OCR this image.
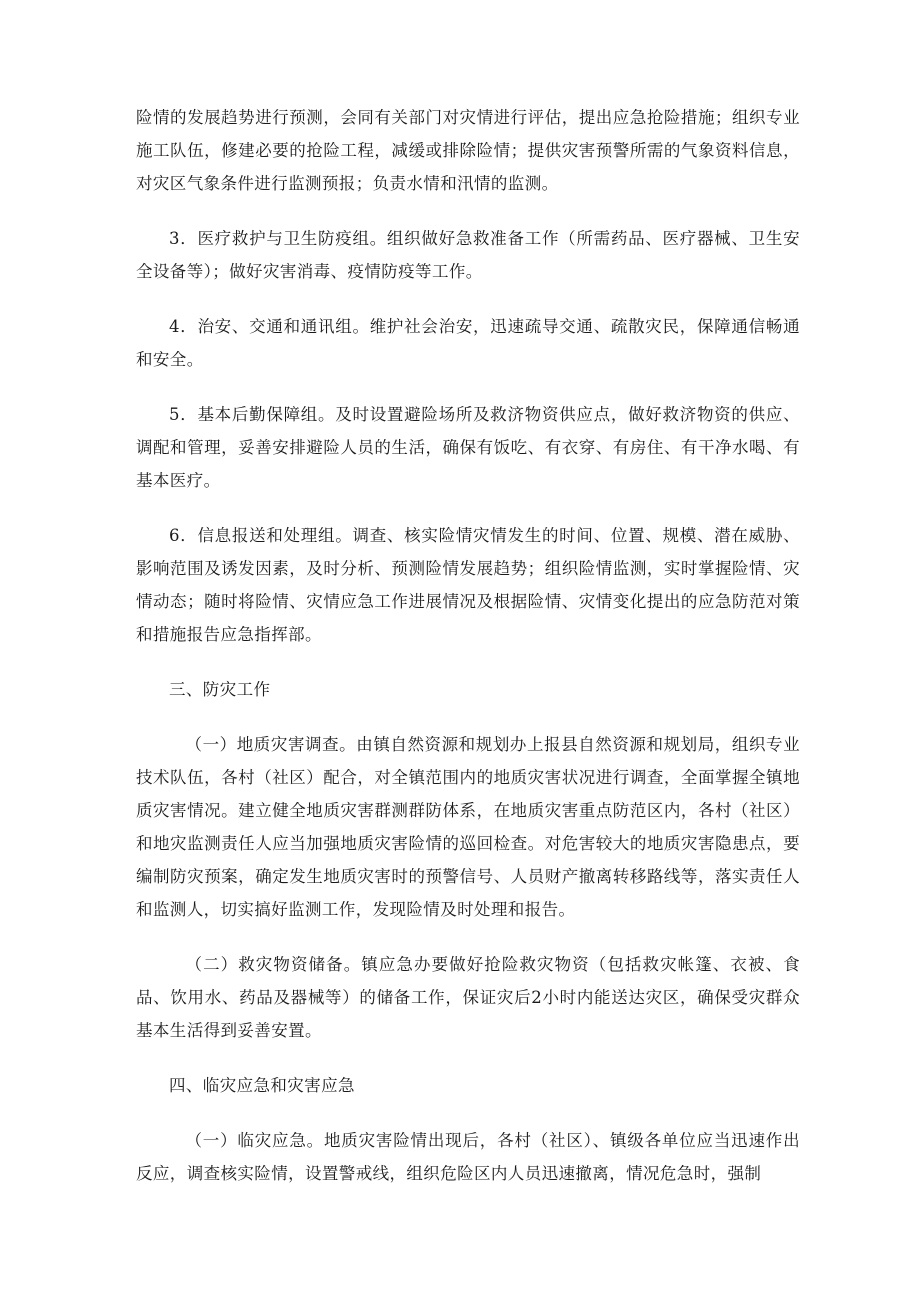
险情的发展趋势进行预测，会同有关部门对灾情进行评估，提出应急抢险措施；组织专业施工队伍，修建必要的抢险工程，减缓或排除险情；提供灾害预警所需的气象资料信息，对灾区气象条件进行监测预报；负责水情和汛情的监测。

3．医疗救护与卫生防疫组。组织做好急救准备工作（所需药品、医疗器械、卫生安全设备等）；做好灾害消毒、疫情防疫等工作。

4．治安、交通和通讯组。维护社会治安，迅速疏导交通、疏散灾民，保障通信畅通和安全。

5．基本后勤保障组。及时设置避险场所及救济物资供应点，做好救济物资的供应、调配和管理，妥善安排避险人员的生活，确保有饭吃、有衣穿、有房住、有干净水喝、有基本医疗。

6．信息报送和处理组。调查、核实险情灾情发生的时间、位置、规模、潜在威胁、影响范围及诱发因素，及时分析、预测险情发展趋势；组织险情监测，实时掌握险情、灾情动态；随时将险情、灾情应急工作进展情况及根据险情、灾情变化提出的应急防范对策和措施报告应急指挥部。

三、防灾工作

（一）地质灾害调查。由镇自然资源和规划办上报县自然资源和规划局，组织专业技术队伍，各村（社区）配合，对全镇范围内的地质灾害状况进行调查，全面掌握全镇地质灾害情况。建立健全地质灾害群测群防体系，在地质灾害重点防范区内，各村（社区）和地灾监测责任人应当加强地质灾害险情的巡回检查。对危害较大的地质灾害隐患点，要编制防灾预案，确定发生地质灾害时的预警信号、人员财产撤离转移路线等，落实责任人和监测人，切实搞好监测工作，发现险情及时处理和报告。

（二）救灾物资储备。镇应急办要做好抢险救灾物资（包括救灾帐篷、衣被、食品、饮用水、药品及器械等）的储备工作，保证灾后2小时内能送达灾区，确保受灾群众基本生活得到妥善安置。

四、临灾应急和灾害应急

（一）临灾应急。地质灾害险情出现后，各村（社区）、镇级各单位应当迅速作出反应，调查核实险情，设置警戒线，组织危险区内人员迅速撤离，情况危急时，强制
